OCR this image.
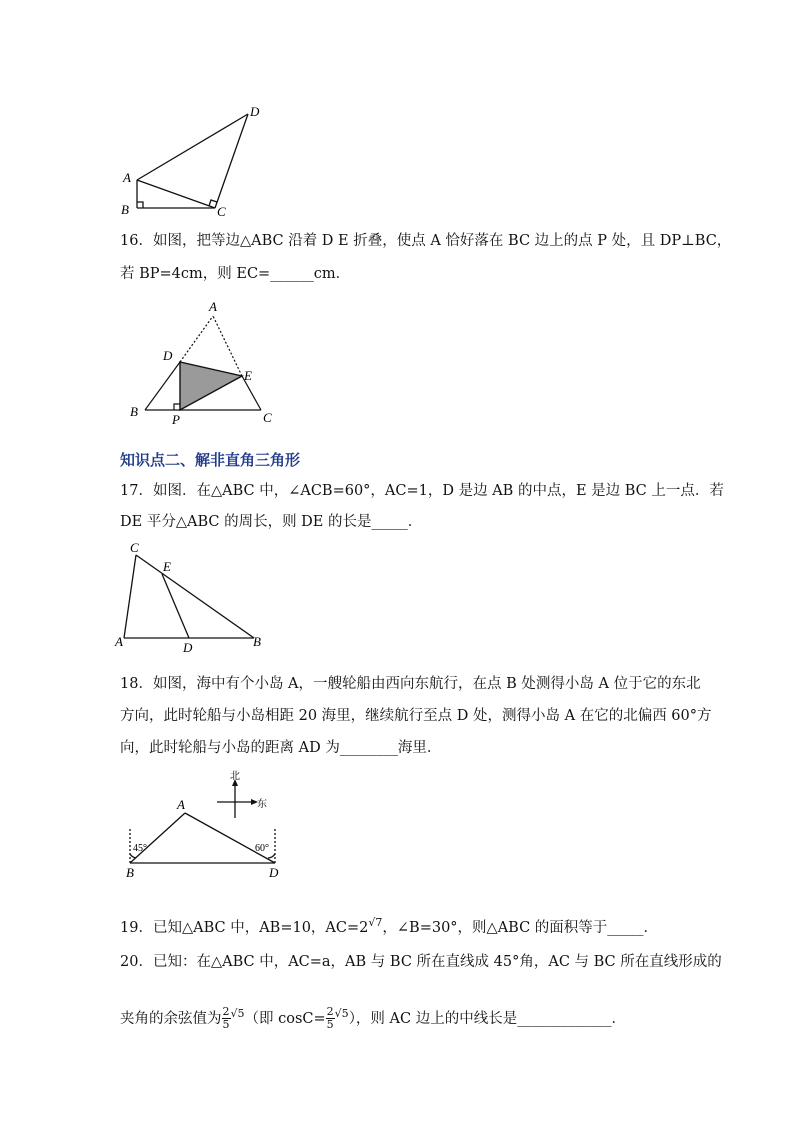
A
B	C
D
16．如图，把等边△ABC 沿着 D E 折叠，使点 A 恰好落在 BC 边上的点 P 处，且 DP⊥BC，
若 BP=4cm，则 EC=______cm．
A
D
E
B
P	C
知识点二、解非直角三角形
17．如图．在△ABC 中，∠ACB=60°，AC=1，D 是边 AB 的中点，E 是边 BC 上一点．若
DE 平分△ABC 的周长，则 DE 的长是_____．
C
E
A	D	B
18．如图，海中有个小岛 A，一艘轮船由西向东航行，在点 B 处测得小岛 A 位于它的东北
方向，此时轮船与小岛相距 20 海里，继续航行至点 D 处，测得小岛 A 在它的北偏西 60°方
向，此时轮船与小岛的距离 AD 为________海里．
北
东
A
B	D
45°	60°
19．已知△ABC 中，AB=10，$AC=2^{√7}$，∠B=30°，则△ABC 的面积等于_____．
20．已知：在△ABC 中，AC=a，AB 与 BC 所在直线成 45°角，AC 与 BC 所在直线形成的
夹角的余弦值为 $\frac{2}{5} ^{√5}$（即 $\cos C= \frac{2}{5} ^{√5}$），则 AC 边上的中线长是_____________．
